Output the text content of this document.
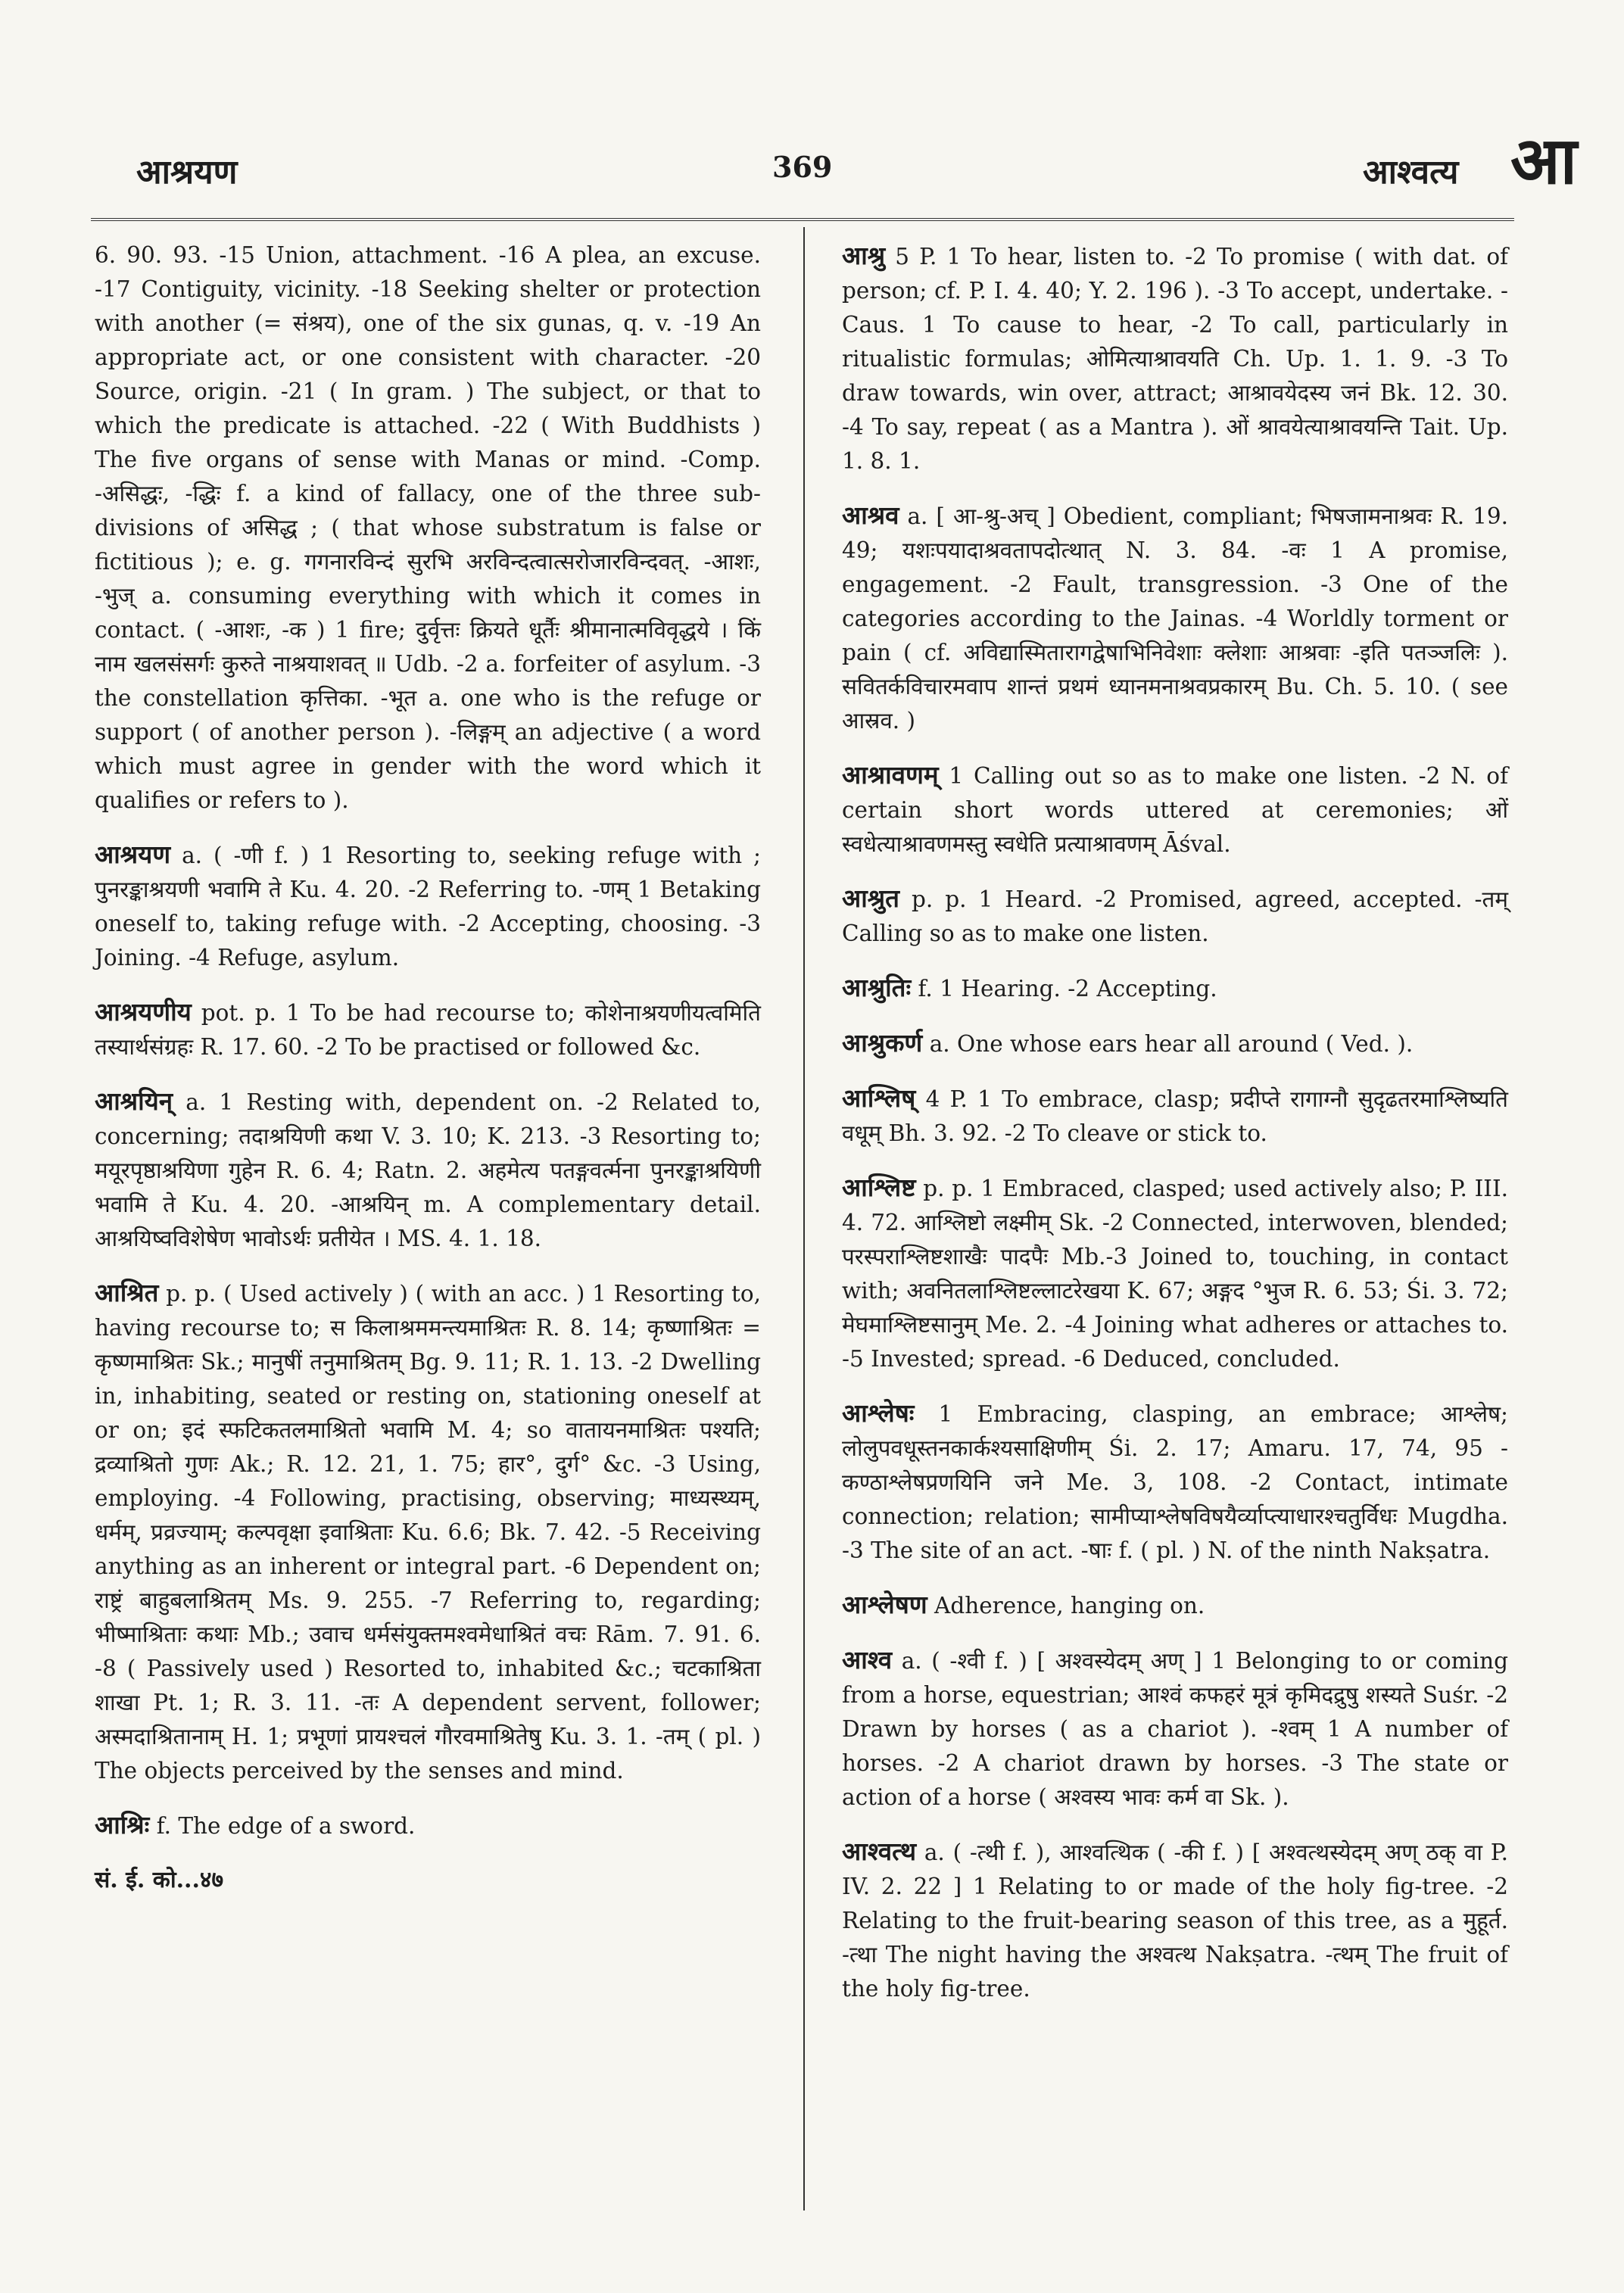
आश्रयण	369	आश्वत्य आ

6. 90. 93. -15 Union, attachment. -16 A plea, an excuse. -17 Contiguity, vicinity. -18 Seeking shelter or protection with another (= संश्रय), one of the six gunas, q. v. -19 An appropriate act, or one consistent with character. -20 Source, origin. -21 ( In gram. ) The subject, or that to which the predicate is attached. -22 ( With Buddhists ) The five organs of sense with Manas or mind. -Comp. -असिद्धः, -द्धिः f. a kind of fallacy, one of the three sub-divisions of असिद्ध ; ( that whose substratum is false or fictitious ); e. g. गगनारविन्दं सुरभि अरविन्दत्वात्सरोजारविन्दवत्. -आशः, -भुज् a. consuming everything with which it comes in contact. ( -आशः, -क ) 1 fire; दुर्वृत्तः क्रियते धूर्तैः श्रीमानात्मविवृद्धये । किं नाम खलसंसर्गः कुरुते नाश्रयाशवत् ॥ Udb. -2 a. forfeiter of asylum. -3 the constellation कृत्तिका. -भूत a. one who is the refuge or support ( of another person ). -लिङ्गम् an adjective ( a word which must agree in gender with the word which it qualifies or refers to ).

आश्रयण a. ( -णी f. ) 1 Resorting to, seeking refuge with ; पुनरङ्काश्रयणी भवामि ते Ku. 4. 20. -2 Referring to. -णम् 1 Betaking oneself to, taking refuge with. -2 Accepting, choosing. -3 Joining. -4 Refuge, asylum.

आश्रयणीय pot. p. 1 To be had recourse to; कोशेनाश्रयणीयत्वमिति तस्यार्थसंग्रहः R. 17. 60. -2 To be practised or followed &c.

आश्रयिन् a. 1 Resting with, dependent on. -2 Related to, concerning; तदाश्रयिणी कथा V. 3. 10; K. 213. -3 Resorting to; मयूरपृष्ठाश्रयिणा गुहेन R. 6. 4; Ratn. 2. अहमेत्य पतङ्गवर्त्मना पुनरङ्काश्रयिणी भवामि ते Ku. 4. 20. -आश्रयिन् m. A complementary detail. आश्रयिष्वविशेषेण भावोऽर्थः प्रतीयेत । MS. 4. 1. 18.

आश्रित p. p. ( Used actively ) ( with an acc. ) 1 Resorting to, having recourse to; स किलाश्रममन्त्यमाश्रितः R. 8. 14; कृष्णाश्रितः = कृष्णमाश्रितः Sk.; मानुषीं तनुमाश्रितम् Bg. 9. 11; R. 1. 13. -2 Dwelling in, inhabiting, seated or resting on, stationing oneself at or on; इदं स्फटिकतलमाश्रितो भवामि M. 4; so वातायनमाश्रितः पश्यति; द्रव्याश्रितो गुणः Ak.; R. 12. 21, 1. 75; हार°, दुर्ग° &c. -3 Using, employing. -4 Following, practising, observing; माध्यस्थ्यम्, धर्मम्, प्रव्रज्याम्; कल्पवृक्षा इवाश्रिताः Ku. 6.6; Bk. 7. 42. -5 Receiving anything as an inherent or integral part. -6 Dependent on; राष्ट्रं बाहुबलाश्रितम् Ms. 9. 255. -7 Referring to, regarding; भीष्माश्रिताः कथाः Mb.; उवाच धर्मसंयुक्तमश्वमेधाश्रितं वचः Rām. 7. 91. 6. -8 ( Passively used ) Resorted to, inhabited &c.; चटकाश्रिता शाखा Pt. 1; R. 3. 11. -तः A dependent servent, follower; अस्मदाश्रितानाम् H. 1; प्रभूणां प्रायश्चलं गौरवमाश्रितेषु Ku. 3. 1. -तम् ( pl. ) The objects perceived by the senses and mind.

आश्रिः f. The edge of a sword.

सं. ई. को...४७

आश्रु 5 P. 1 To hear, listen to. -2 To promise ( with dat. of person; cf. P. I. 4. 40; Y. 2. 196 ). -3 To accept, undertake. -Caus. 1 To cause to hear, -2 To call, particularly in ritualistic formulas; ओमित्याश्रावयति Ch. Up. 1. 1. 9. -3 To draw towards, win over, attract; आश्रावयेदस्य जनं Bk. 12. 30. -4 To say, repeat ( as a Mantra ). ओं श्रावयेत्याश्रावयन्ति Tait. Up. 1. 8. 1.

आश्रव a. [ आ-श्रु-अच् ] Obedient, compliant; भिषजामनाश्रवः R. 19. 49; यशःपयादाश्रवतापदोत्थात् N. 3. 84. -वः 1 A promise, engagement. -2 Fault, transgression. -3 One of the categories according to the Jainas. -4 Worldly torment or pain ( cf. अविद्यास्मितारागद्वेषाभिनिवेशाः क्लेशाः आश्रवाः -इति पतञ्जलिः ). सवितर्कविचारमवाप शान्तं प्रथमं ध्यानमनाश्रवप्रकारम् Bu. Ch. 5. 10. ( see आस्रव. )

आश्रावणम् 1 Calling out so as to make one listen. -2 N. of certain short words uttered at ceremonies; ओं स्वधेत्याश्रावणमस्तु स्वधेति प्रत्याश्रावणम् Āśval.

आश्रुत p. p. 1 Heard. -2 Promised, agreed, accepted. -तम् Calling so as to make one listen.

आश्रुतिः f. 1 Hearing. -2 Accepting.

आश्रुकर्ण a. One whose ears hear all around ( Ved. ).

आश्लिष् 4 P. 1 To embrace, clasp; प्रदीप्ते रागाग्नौ सुदृढतरमाश्लिष्यति वधूम् Bh. 3. 92. -2 To cleave or stick to.

आश्लिष्ट p. p. 1 Embraced, clasped; used actively also; P. III. 4. 72. आश्लिष्टो लक्ष्मीम् Sk. -2 Connected, interwoven, blended; परस्पराश्लिष्टशाखैः पादपैः Mb.-3 Joined to, touching, in contact with; अवनितलाश्लिष्टल्लाटरेखया K. 67; अङ्गद °भुज R. 6. 53; Śi. 3. 72; मेघमाश्लिष्टसानुम् Me. 2. -4 Joining what adheres or attaches to. -5 Invested; spread. -6 Deduced, concluded.

आश्लेषः 1 Embracing, clasping, an embrace; आश्लेष; लोलुपवधूस्तनकार्कश्यसाक्षिणीम् Śi. 2. 17; Amaru. 17, 74, 95 - कण्ठाश्लेषप्रणयिनि जने Me. 3, 108. -2 Contact, intimate connection; relation; सामीप्याश्लेषविषयैर्व्याप्त्याधारश्चतुर्विधः Mugdha. -3 The site of an act. -षाः f. ( pl. ) N. of the ninth Nakṣatra.

आश्लेषण Adherence, hanging on.

आश्व a. ( -श्वी f. ) [ अश्वस्येदम् अण् ] 1 Belonging to or coming from a horse, equestrian; आश्वं कफहरं मूत्रं कृमिदद्रुषु शस्यते Suśr. -2 Drawn by horses ( as a chariot ). -श्वम् 1 A number of horses. -2 A chariot drawn by horses. -3 The state or action of a horse ( अश्वस्य भावः कर्म वा Sk. ).

आश्वत्थ a. ( -त्थी f. ), आश्वत्थिक ( -की f. ) [ अश्वत्थस्येदम् अण् ठक् वा P. IV. 2. 22 ] 1 Relating to or made of the holy fig-tree. -2 Relating to the fruit-bearing season of this tree, as a मुहूर्त. -त्था The night having the अश्वत्थ Nakṣatra. -त्थम् The fruit of the holy fig-tree.
